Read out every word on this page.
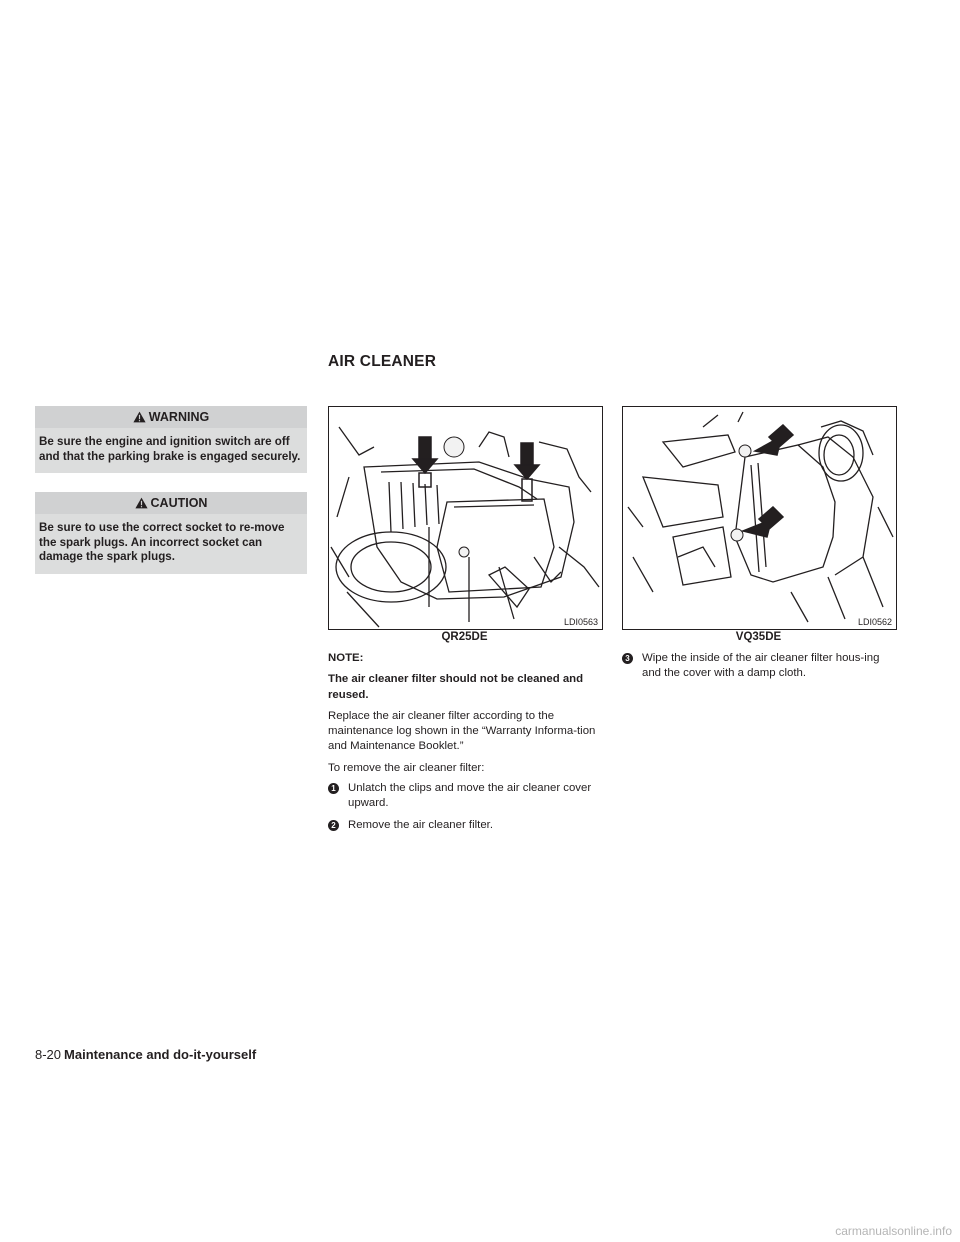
AIR CLEANER
WARNING
Be sure the engine and ignition switch are off and that the parking brake is engaged securely.
CAUTION
Be sure to use the correct socket to re-move the spark plugs. An incorrect socket can damage the spark plugs.
LDI0563
QR25DE
LDI0562
VQ35DE
NOTE:
The air cleaner filter should not be cleaned and reused.
Replace the air cleaner filter according to the maintenance log shown in the “Warranty Informa-tion and Maintenance Booklet.”
To remove the air cleaner filter:
1	Unlatch the clips and move the air cleaner cover upward.
2	Remove the air cleaner filter.
3	Wipe the inside of the air cleaner filter hous-ing and the cover with a damp cloth.
8-20 Maintenance and do-it-yourself
carmanualsonline.info
